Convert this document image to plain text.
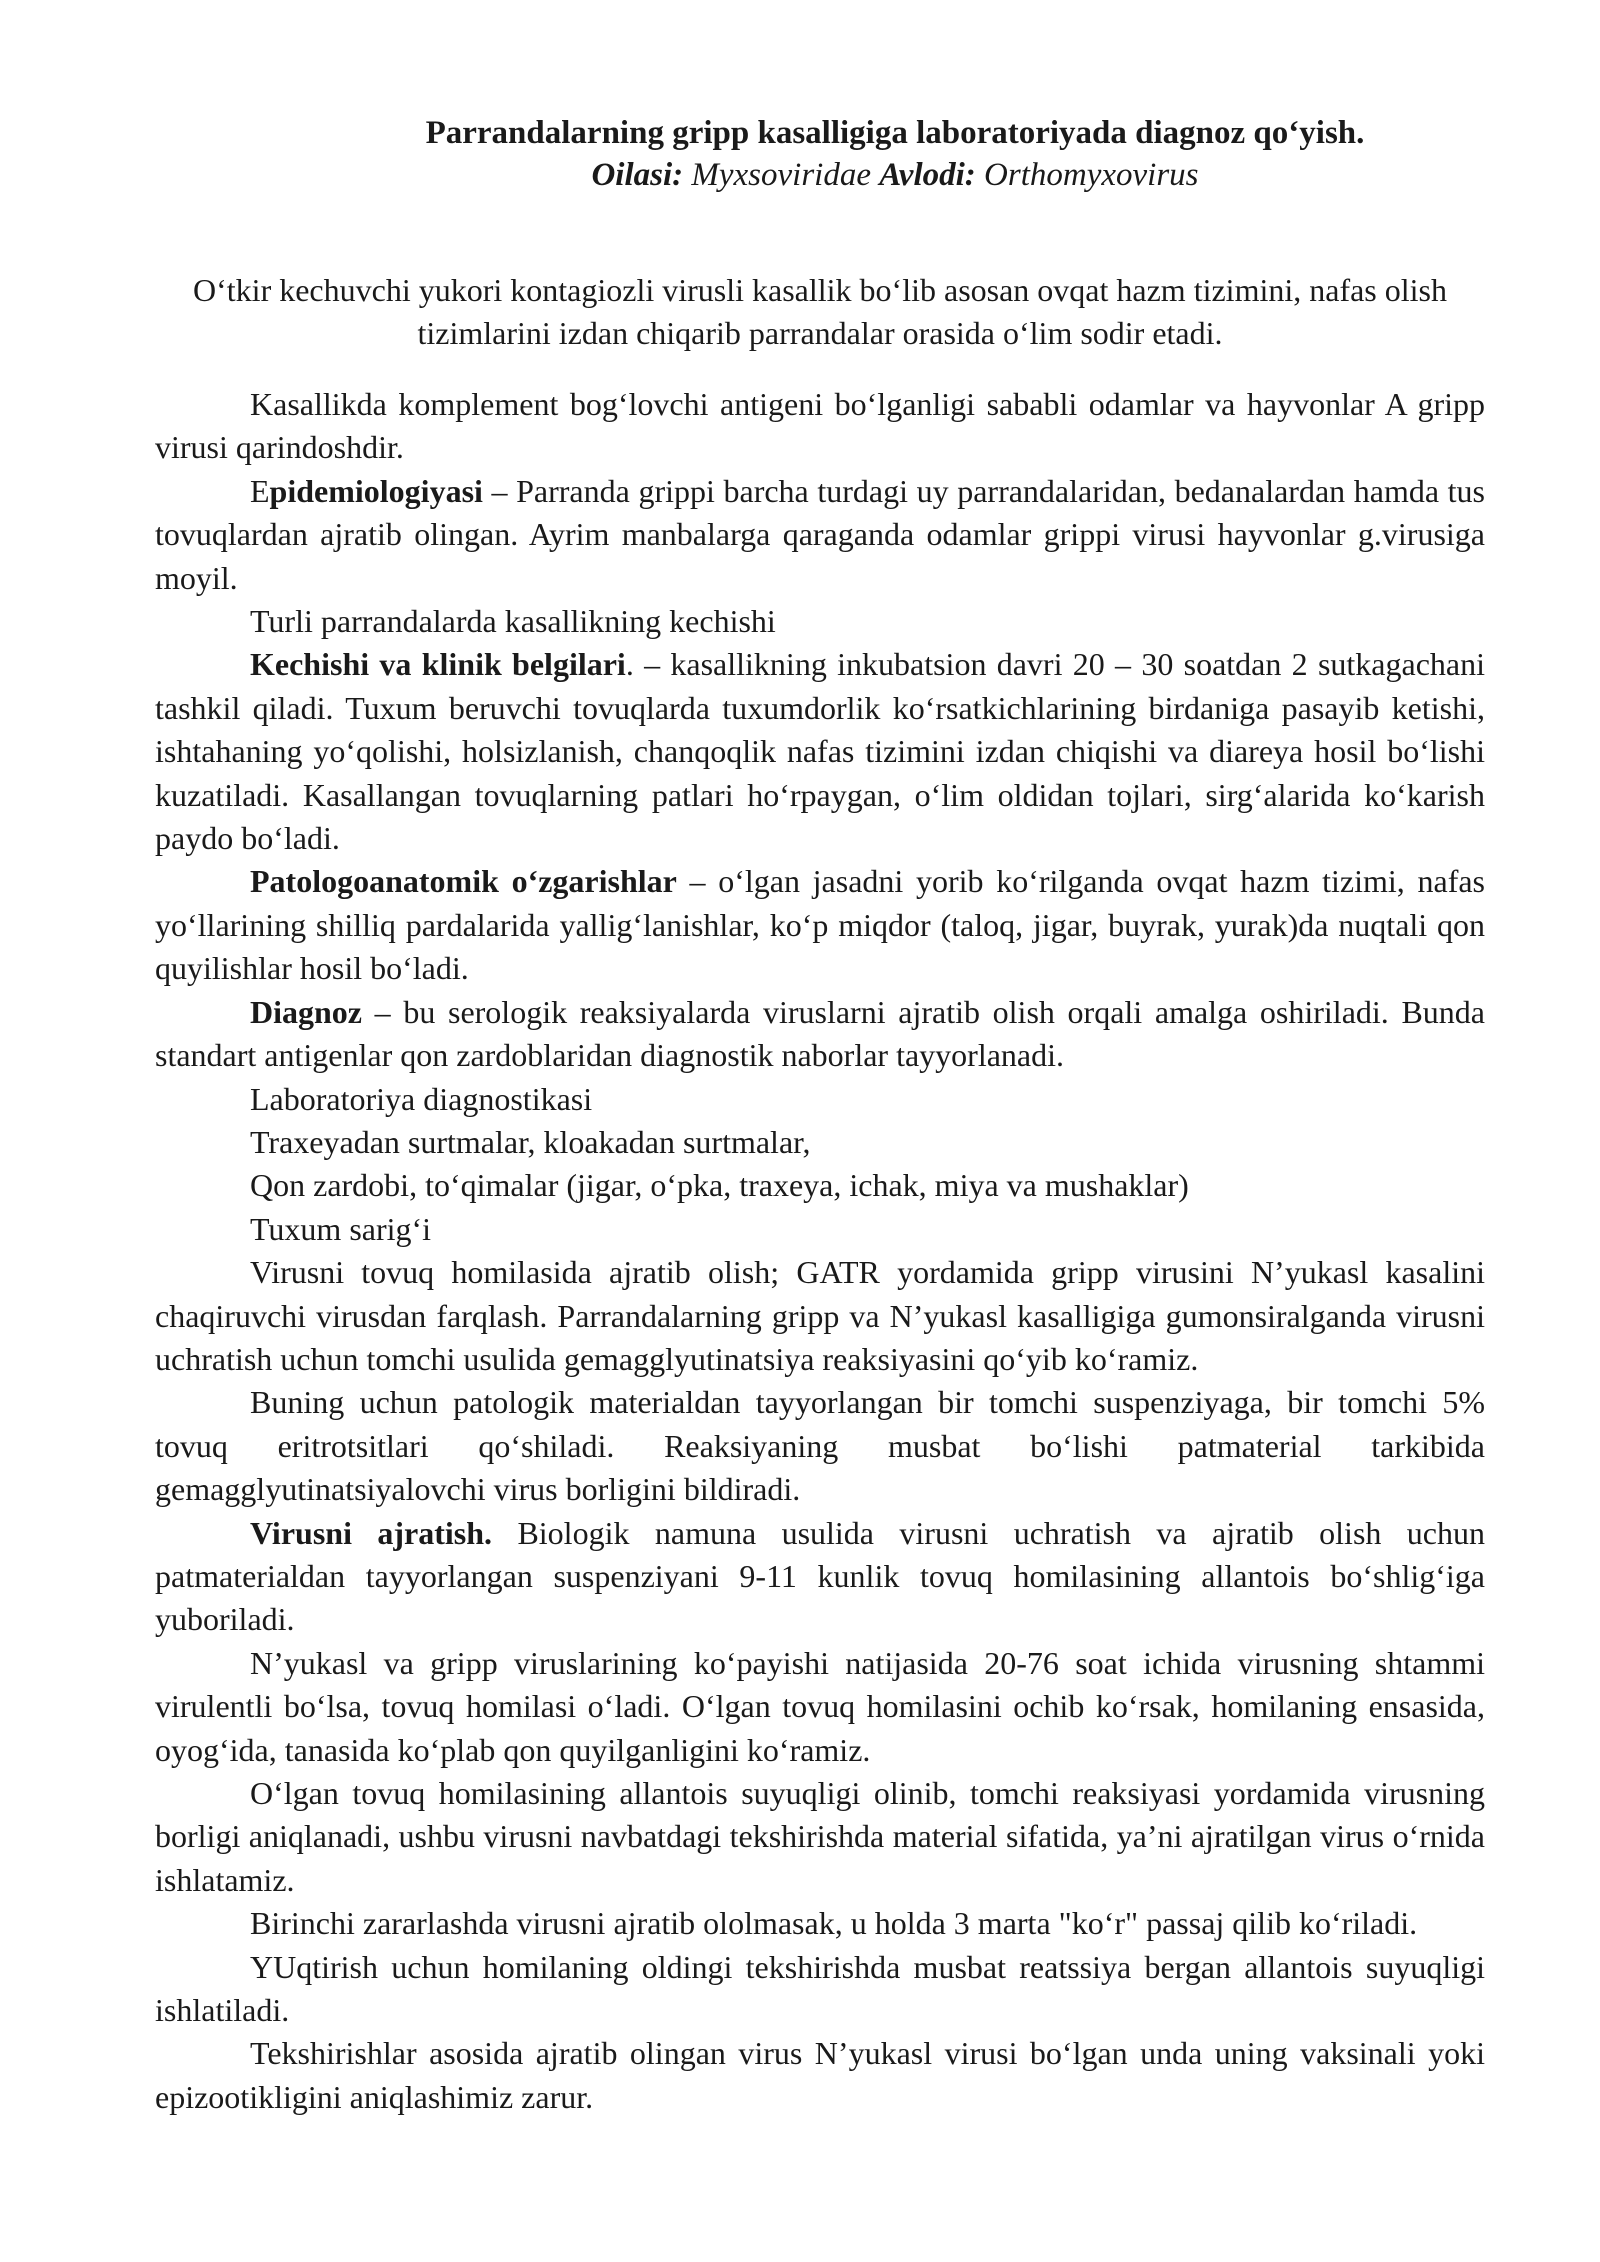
Parrandalarning gripp kasalligiga laboratoriyada diagnoz qo‘yish.

Oilasi: Myxsoviridae Avlodi: Orthomyxovirus

O‘tkir kechuvchi yukori kontagiozli virusli kasallik bo‘lib asosan ovqat hazm tizimini, nafas olish tizimlarini izdan chiqarib parrandalar orasida o‘lim sodir etadi.

Kasallikda komplement bog‘lovchi antigeni bo‘lganligi sababli odamlar va hayvonlar A gripp virusi qarindoshdir.

Epidemiologiyasi – Parranda grippi barcha turdagi uy parrandalaridan, bedanalardan hamda tus tovuqlardan ajratib olingan. Ayrim manbalarga qaraganda odamlar grippi virusi hayvonlar g.virusiga moyil.

Turli parrandalarda kasallikning kechishi

Kechishi va klinik belgilari. – kasallikning inkubatsion davri 20 – 30 soatdan 2 sutkagachani tashkil qiladi. Tuxum beruvchi tovuqlarda tuxumdorlik ko‘rsatkichlarining birdaniga pasayib ketishi, ishtahaning yo‘qolishi, holsizlanish, chanqoqlik nafas tizimini izdan chiqishi va diareya hosil bo‘lishi kuzatiladi. Kasallangan tovuqlarning patlari ho‘rpaygan, o‘lim oldidan tojlari, sirg‘alarida ko‘karish paydo bo‘ladi.

Patologoanatomik o‘zgarishlar – o‘lgan jasadni yorib ko‘rilganda ovqat hazm tizimi, nafas yo‘llarining shilliq pardalarida yallig‘lanishlar, ko‘p miqdor (taloq, jigar, buyrak, yurak)da nuqtali qon quyilishlar hosil bo‘ladi.

Diagnoz – bu serologik reaksiyalarda viruslarni ajratib olish orqali amalga oshiriladi. Bunda standart antigenlar qon zardoblaridan diagnostik naborlar tayyorlanadi.

Laboratoriya diagnostikasi

Traxeyadan surtmalar, kloakadan surtmalar,

Qon zardobi, to‘qimalar (jigar, o‘pka, traxeya, ichak, miya va mushaklar)

Tuxum sarig‘i

Virusni tovuq homilasida ajratib olish; GATR yordamida gripp virusini N’yukasl kasalini chaqiruvchi virusdan farqlash. Parrandalarning gripp va N’yukasl kasalligiga gumonsiralganda virusni uchratish uchun tomchi usulida gemagglyutinatsiya reaksiyasini qo‘yib ko‘ramiz.

Buning uchun patologik materialdan tayyorlangan bir tomchi suspenziyaga, bir tomchi 5% tovuq eritrotsitlari qo‘shiladi. Reaksiyaning musbat bo‘lishi patmaterial tarkibida gemagglyutinatsiyalovchi virus borligini bildiradi.

Virusni ajratish. Biologik namuna usulida virusni uchratish va ajratib olish uchun patmaterialdan tayyorlangan suspenziyani 9-11 kunlik tovuq homilasining allantois bo‘shlig‘iga yuboriladi.

N’yukasl va gripp viruslarining ko‘payishi natijasida 20-76 soat ichida virusning shtammi virulentli bo‘lsa, tovuq homilasi o‘ladi. O‘lgan tovuq homilasini ochib ko‘rsak, homilaning ensasida, oyog‘ida, tanasida ko‘plab qon quyilganligini ko‘ramiz.

O‘lgan tovuq homilasining allantois suyuqligi olinib, tomchi reaksiyasi yordamida virusning borligi aniqlanadi, ushbu virusni navbatdagi tekshirishda material sifatida, ya’ni ajratilgan virus o‘rnida ishlatamiz.

Birinchi zararlashda virusni ajratib ololmasak, u holda 3 marta "ko‘r" passaj qilib ko‘riladi.

YUqtirish uchun homilaning oldingi tekshirishda musbat reatssiya bergan allantois suyuqligi ishlatiladi.

Tekshirishlar asosida ajratib olingan virus N’yukasl virusi bo‘lgan unda uning vaksinali yoki epizootikligini aniqlashimiz zarur.
